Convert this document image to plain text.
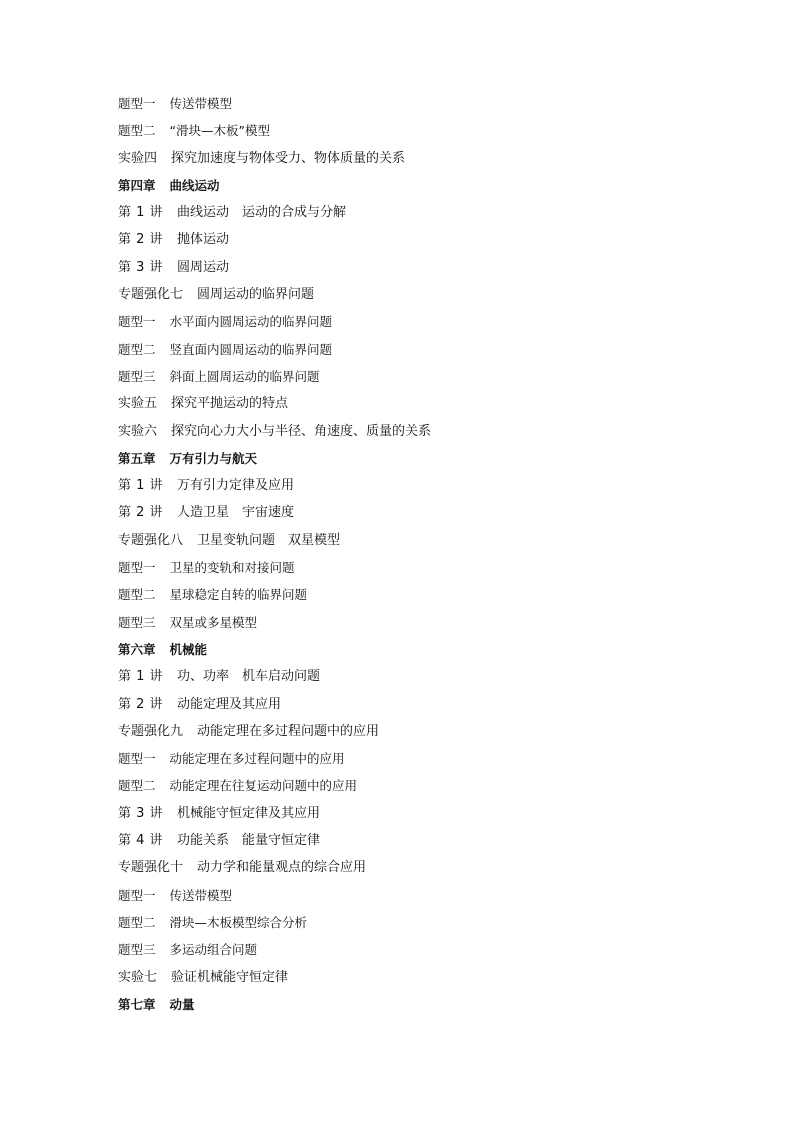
题型一 传送带模型
题型二 “滑块—木板”模型
实验四 探究加速度与物体受力、物体质量的关系
第四章 曲线运动
第 1 讲 曲线运动　运动的合成与分解
第 2 讲 抛体运动
第 3 讲 圆周运动
专题强化七 圆周运动的临界问题
题型一 水平面内圆周运动的临界问题
题型二 竖直面内圆周运动的临界问题
题型三 斜面上圆周运动的临界问题
实验五 探究平抛运动的特点
实验六 探究向心力大小与半径、角速度、质量的关系
第五章 万有引力与航天
第 1 讲 万有引力定律及应用
第 2 讲 人造卫星　宇宙速度
专题强化八 卫星变轨问题　双星模型
题型一 卫星的变轨和对接问题
题型二 星球稳定自转的临界问题
题型三 双星或多星模型
第六章 机械能
第 1 讲 功、功率　机车启动问题
第 2 讲 动能定理及其应用
专题强化九 动能定理在多过程问题中的应用
题型一 动能定理在多过程问题中的应用
题型二 动能定理在往复运动问题中的应用
第 3 讲 机械能守恒定律及其应用
第 4 讲 功能关系　能量守恒定律
专题强化十 动力学和能量观点的综合应用
题型一 传送带模型
题型二 滑块—木板模型综合分析
题型三 多运动组合问题
实验七 验证机械能守恒定律
第七章 动量
